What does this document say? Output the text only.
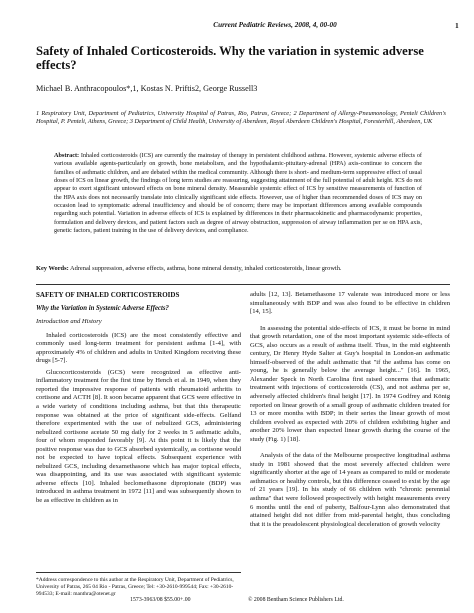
Current Pediatric Reviews, 2008, 4, 00-00	1
Safety of Inhaled Corticosteroids. Why the variation in systemic adverse effects?
Michael B. Anthracopoulos*,1, Kostas N. Priftis2, George Russell3
1 Respiratory Unit, Department of Pediatrics, University Hospital of Patras, Rio, Patras, Greece; 2 Department of Allergy-Pneumonology, Penteli Children's Hospital, P. Penteli, Athens, Greece; 3 Department of Child Health, University of Aberdeen, Royal Aberdeen Children's Hospital, Foresterhill, Aberdeen, UK
Abstract: Inhaled corticosteroids (ICS) are currently the mainstay of therapy in persistent childhood asthma. However, systemic adverse effects of various available agents-particularly on growth, bone metabolism, and the hypothalamic-pituitary-adrenal (HPA) axis-continue to concern the families of asthmatic children, and are debated within the medical community. Although there is short- and medium-term suppressive effect of usual doses of ICS on linear growth, the findings of long term studies are reassuring, suggesting attainment of the full potential of adult height. ICS do not appear to exert significant untoward effects on bone mineral density. Measurable systemic effect of ICS by sensitive measurements of function of the HPA axis does not necessarily translate into clinically significant side effects. However, use of higher than recommended doses of ICS may on occasion lead to symptomatic adrenal insufficiency and should be of concern; there may be important differences among available compounds regarding such potential. Variation in adverse effects of ICS is explained by differences in their pharmacokinetic and pharmacodynamic properties, formulation and delivery devices, and patient factors such as degree of airway obstruction, suppression of airway inflammation per se on HPA axis, genetic factors, patient training in the use of delivery devices, and compliance.
Key Words: Adrenal suppression, adverse effects, asthma, bone mineral density, inhaled corticosteroids, linear growth.
SAFETY OF INHALED CORTICOSTEROIDS
Why the Variation in Systemic Adverse Effects?
Introduction and History

Inhaled corticosteroids (ICS) are the most consistently effective and commonly used long-term treatment for persistent asthma [1-4], with approximately 4% of children and adults in United Kingdom receiving these drugs [5-7].

Glucocorticosteroids (GCS) were recognized as effective anti-inflammatory treatment for the first time by Hench et al. in 1949, when they reported the impressive response of patients with rheumatoid arthritis to cortisone and ACTH [8]. It soon became apparent that GCS were effective in a wide variety of conditions including asthma, but that this therapeutic response was obtained at the price of significant side-effects. Gelfand therefore experimented with the use of nebulized GCS, administering nebulized cortisone acetate 50 mg daily for 2 weeks in 5 asthmatic adults, four of whom responded favorably [9]. At this point it is likely that the positive response was due to GCS absorbed systemically, as cortisone would not be expected to have topical effects. Subsequent experience with nebulized GCS, including dexamethasone which has major topical effects, was disappointing, and its use was associated with significant systemic adverse effects [10]. Inhaled beclomethasone dipropionate (BDP) was introduced in asthma treatment in 1972 [11] and was subsequently shown to be as effective in children as in

adults [12, 13]. Betamethasone 17 valerate was introduced more or less simultaneously with BDP and was also found to be effective in children [14, 15].

In assessing the potential side-effects of ICS, it must be borne in mind that growth retardation, one of the most important systemic side-effects of GCS, also occurs as a result of asthma itself. Thus, in the mid eighteenth century, Dr Henry Hyde Salter at Guy's hospital in London-an asthmatic himself-observed of the adult asthmatic that "if the asthma has come on young, he is generally below the average height..." [16]. In 1965, Alexander Speck in North Carolina first raised concerns that asthmatic treatment with injections of corticosteroids (CS), and not asthma per se, adversely affected children's final height [17]. In 1974 Godfrey and König reported on linear growth of a small group of asthmatic children treated for 13 or more months with BDP; in their series the linear growth of most children evolved as expected with 20% of children exhibiting higher and another 20% lower than expected linear growth during the course of the study (Fig. 1) [18].

Analysis of the data of the Melbourne prospective longitudinal asthma study in 1981 showed that the most severely affected children were significantly shorter at the age of 14 years as compared to mild or moderate asthmatics or healthy controls, but this difference ceased to exist by the age of 21 years [19]. In his study of 66 children with "chronic perennial asthma" that were followed prospectively with height measurements every 6 months until the end of puberty, Balfour-Lynn also demonstrated that attained height did not differ from mid-parental height, thus concluding that it is the preadolescent physiological deceleration of growth velocity

*Address correspondence to this author at the Respiratory Unit, Department of Pediatrics, University of Patras, 265 04 Rio - Patras, Greece; Tel: +30-2610-999544; Fax: +30-2610-994533; E-mail: manthra@otenet.gr
1573-3963/08 $55.00+.00	© 2008 Bentham Science Publishers Ltd.
